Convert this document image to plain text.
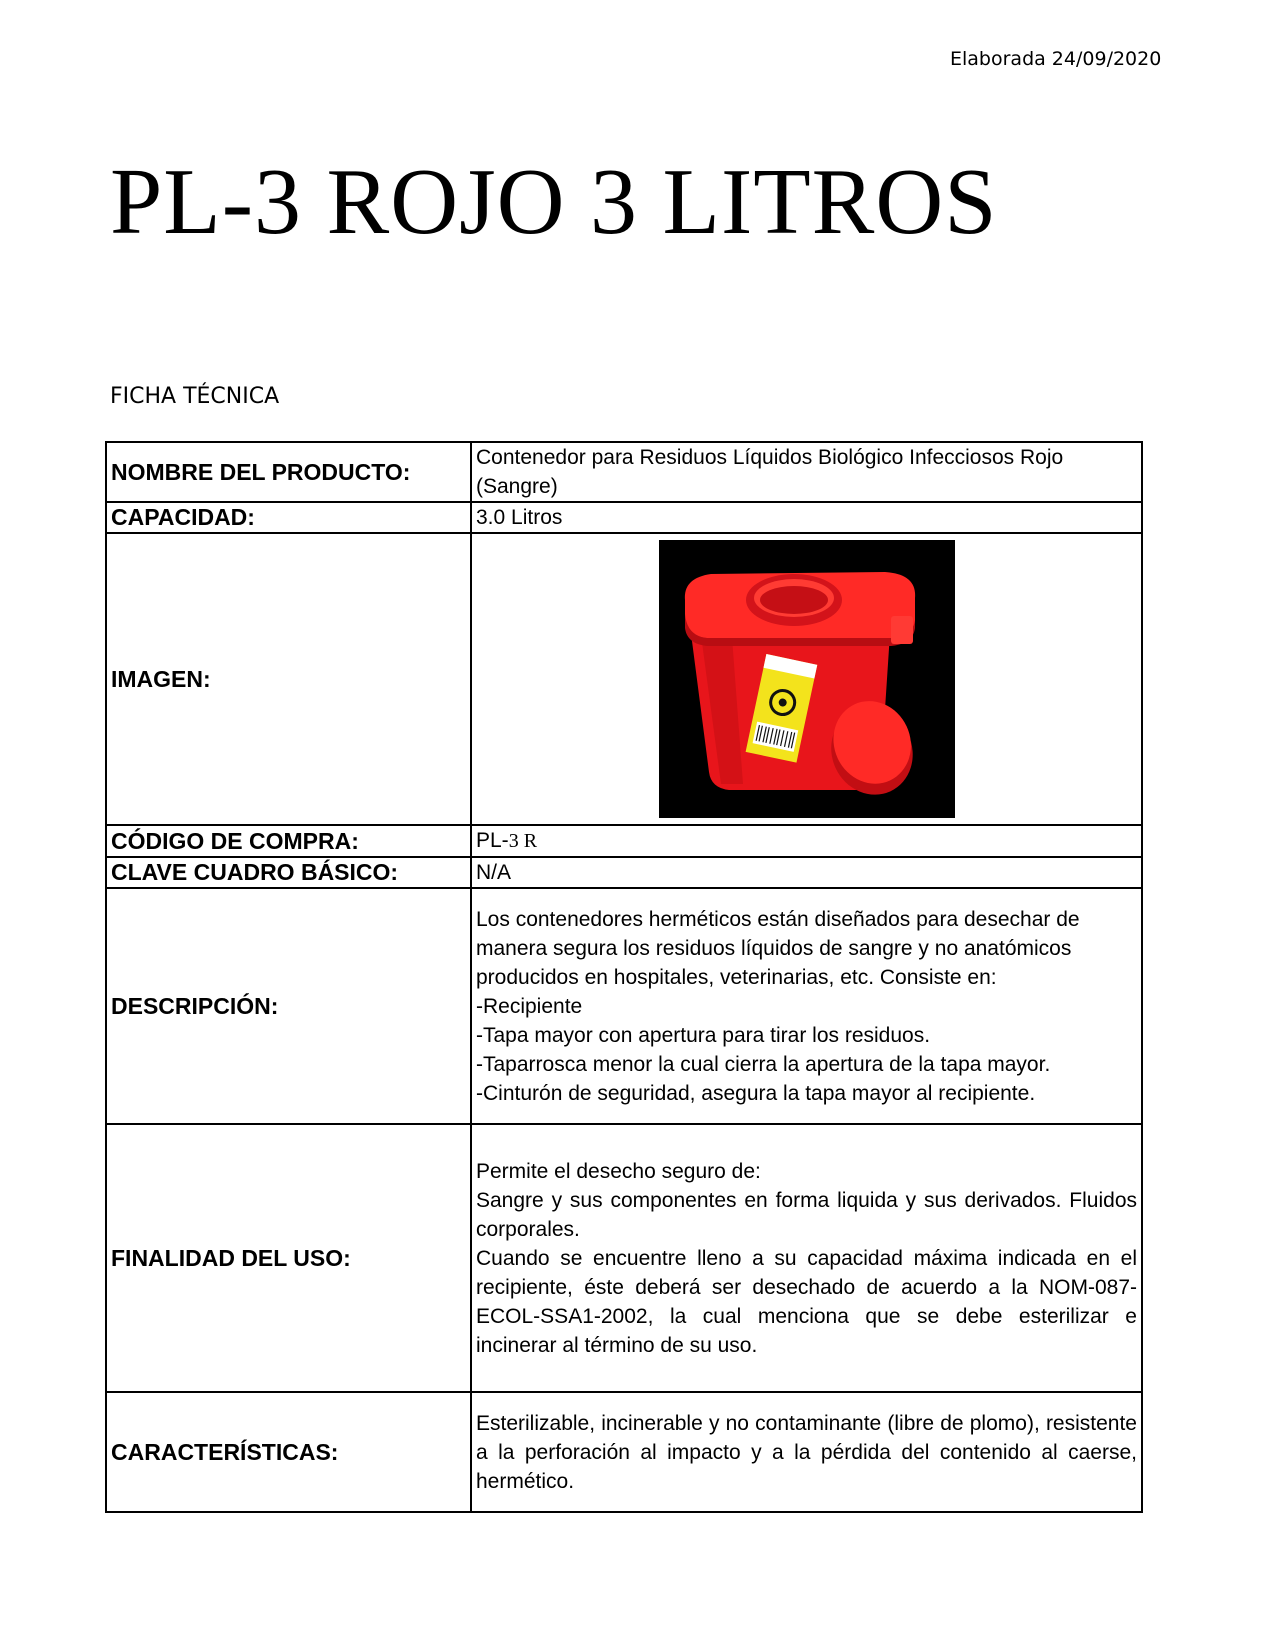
Elaborada 24/09/2020
PL-3 ROJO 3 LITROS
FICHA TÉCNICA
NOMBRE DEL PRODUCTO:	Contenedor para Residuos Líquidos Biológico Infecciosos Rojo (Sangre)
CAPACIDAD:	3.0 Litros
IMAGEN:	

CÓDIGO DE COMPRA:	PL-3 R
CLAVE CUADRO BÁSICO:	N/A
DESCRIPCIÓN:	Los contenedores herméticos están diseñados para desechar de manera segura los residuos líquidos de sangre y no anatómicos producidos en hospitales, veterinarias, etc. Consiste en:

-Recipiente

-Tapa mayor con apertura para tirar los residuos.

-Taparrosca menor la cual cierra la apertura de la tapa mayor.

-Cinturón de seguridad, asegura la tapa mayor al recipiente.

FINALIDAD DEL USO:	Permite el desecho seguro de:

Sangre y sus componentes en forma liquida y sus derivados. Fluidos corporales.

Cuando se encuentre lleno a su capacidad máxima indicada en el recipiente, éste deberá ser desechado de acuerdo a la NOM-087-ECOL-SSA1-2002, la cual menciona que se debe esterilizar e incinerar al término de su uso.

CARACTERÍSTICAS:	Esterilizable, incinerable y no contaminante (libre de plomo), resistente a la perforación al impacto y a la pérdida del contenido al caerse, hermético.
